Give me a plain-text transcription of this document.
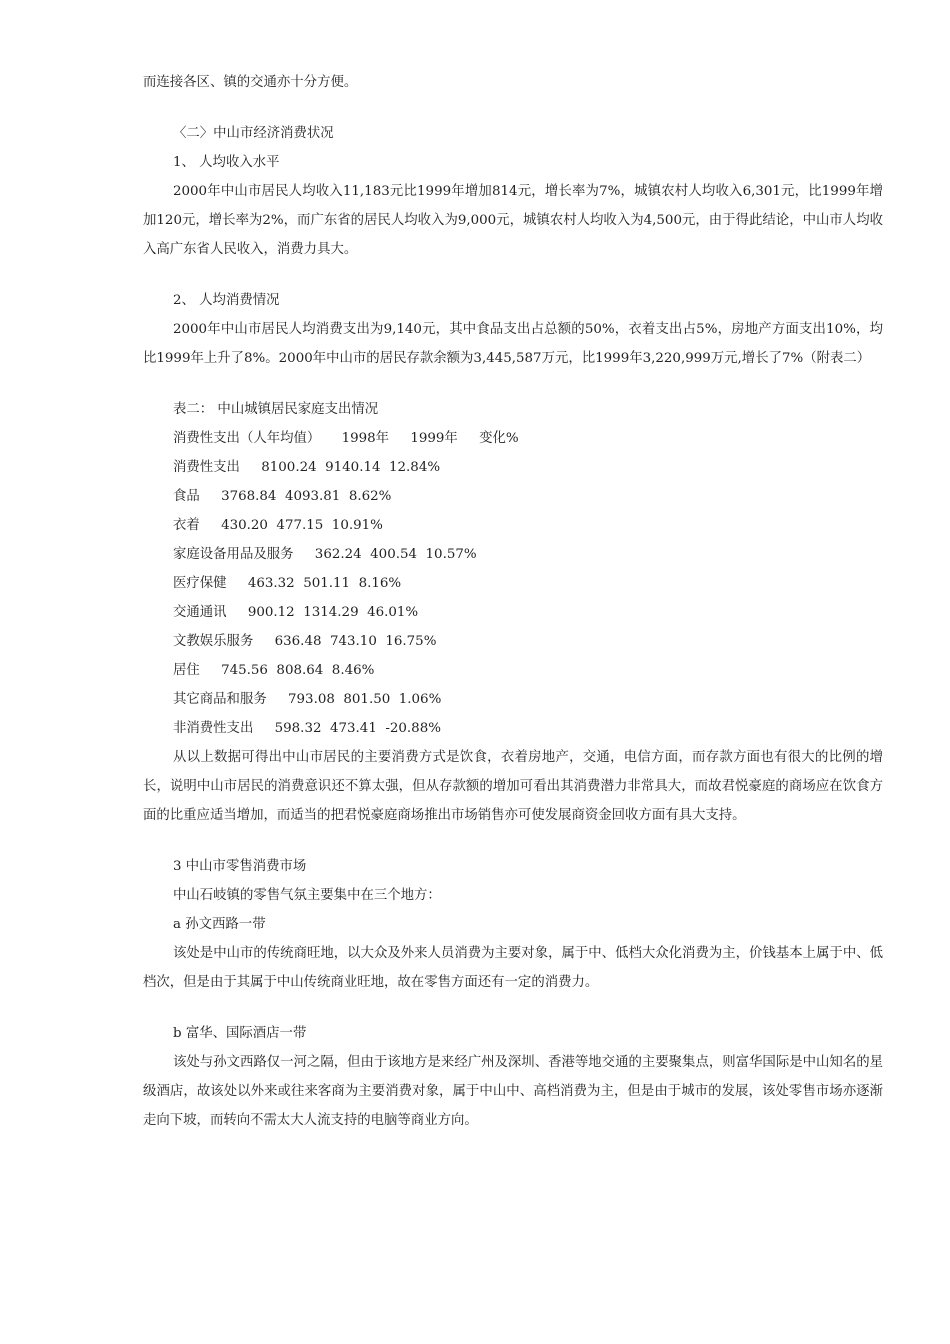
而连接各区、镇的交通亦十分方便。

〈二〉中山市经济消费状况

1、 人均收入水平

2000年中山市居民人均收入11,183元比1999年增加814元，增长率为7%，城镇农村人均收入6,301元，比1999年增加120元，增长率为2%，而广东省的居民人均收入为9,000元，城镇农村人均收入为4,500元，由于得此结论，中山市人均收入高广东省人民收入，消费力具大。

2、 人均消费情况

2000年中山市居民人均消费支出为9,140元，其中食品支出占总额的50%，衣着支出占5%，房地产方面支出10%，均比1999年上升了8%。2000年中山市的居民存款余额为3,445,587万元，比1999年3,220,999万元,增长了7%（附表二）

表二： 中山城镇居民家庭支出情况

消费性支出（人年均值）     1998年     1999年     变化%
消费性支出     8100.24  9140.14  12.84%
食品     3768.84  4093.81  8.62%
衣着     430.20  477.15  10.91%
家庭设备用品及服务     362.24  400.54  10.57%
医疗保健     463.32  501.11  8.16%
交通通讯     900.12  1314.29  46.01%
文教娱乐服务     636.48  743.10  16.75%
居住     745.56  808.64  8.46%
其它商品和服务     793.08  801.50  1.06%
非消费性支出     598.32  473.41  -20.88%

从以上数据可得出中山市居民的主要消费方式是饮食，衣着房地产，交通，电信方面，而存款方面也有很大的比例的增长，说明中山市居民的消费意识还不算太强，但从存款额的增加可看出其消费潜力非常具大，而故君悦豪庭的商场应在饮食方面的比重应适当增加，而适当的把君悦豪庭商场推出市场销售亦可使发展商资金回收方面有具大支持。

3 中山市零售消费市场

中山石岐镇的零售气氛主要集中在三个地方：

a 孙文西路一带

该处是中山市的传统商旺地，以大众及外来人员消费为主要对象，属于中、低档大众化消费为主，价钱基本上属于中、低档次，但是由于其属于中山传统商业旺地，故在零售方面还有一定的消费力。

b 富华、国际酒店一带

该处与孙文西路仅一河之隔，但由于该地方是来经广州及深圳、香港等地交通的主要聚集点，则富华国际是中山知名的星级酒店，故该处以外来或往来客商为主要消费对象，属于中山中、高档消费为主，但是由于城市的发展，该处零售市场亦逐渐走向下坡，而转向不需太大人流支持的电脑等商业方向。
